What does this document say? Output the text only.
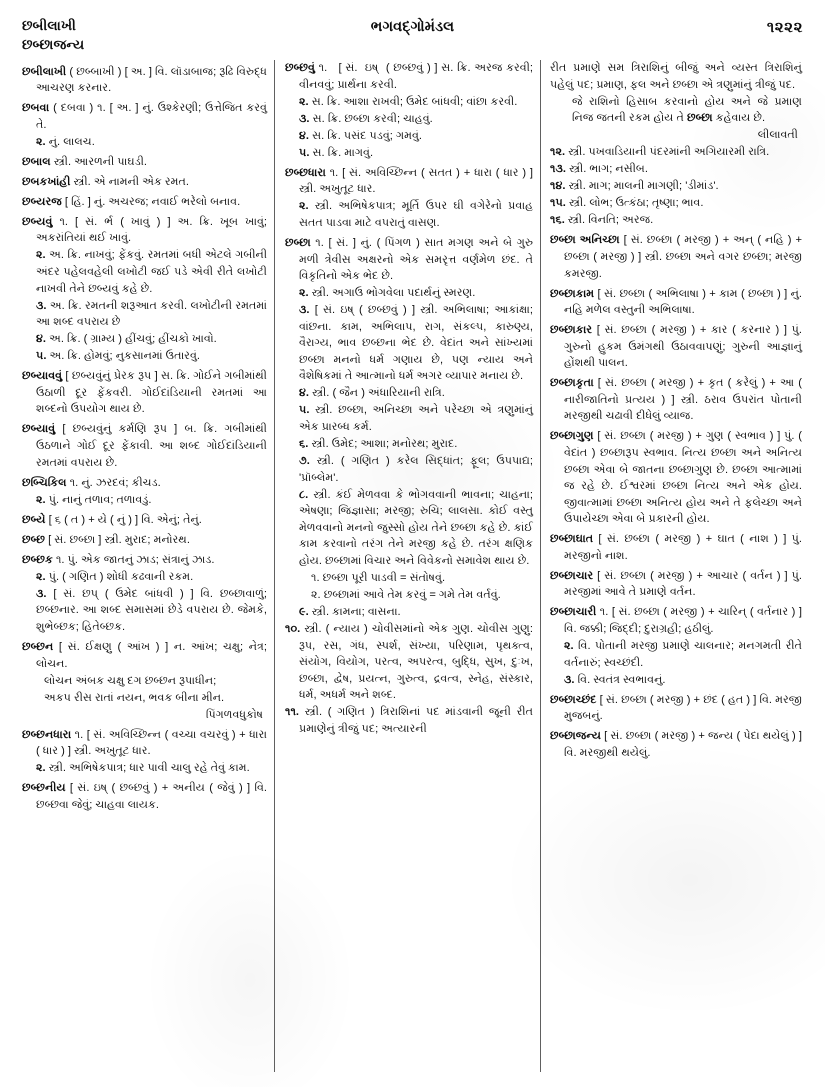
છબીલાખી
છબ્છાજન્ય
ભગવદ્ગોમંડલ	૧૨૨૨

છબીલાખી ( છબ્બાખી ) [ અ. ] વિ. લૉડાબાજ; રૂઢિ વિરુદ્ધ આચરણ કરનાર.

છબવા ( દબવા ) ૧. [ અ. ] નું. ઉશ્કેરણી; ઉત્તેજિત કરવું તે.

૨. નું. લાલચ.

છબાલ સ્ત્રી. આરળની પાઘડી.

છબકખાંહી સ્ત્રી. એ નામની એક રમત.

છબ્યરજ [ હિં. ] નું. અચરજ; નવાઈ ભરેલો બનાવ.

છબ્યવું ૧. [ સં. ર્ભ ( ખાવું ) ] અ. ક્રિ. ખૂબ ખાવું; અકરાંતિયાં થઈ ખાવું.

૨. અ. ક્રિ. નાખવું; ફેંકવું. રમતમાં બધી એટલે ગબીની અંદર પહેલવહેલી લખોટી જઈ પડે એવી રીતે લખોટી નાખવી તેને છબ્યવું કહે છે.

૩. અ. ક્રિ. રમતની શરૂઆત કરવી. લખોટીની રમતમાં આ શબ્દ વપરાય છે

૪. અ. ક્રિ. ( ગ્રામ્ય ) હીંચવું; હીંચકો ખાવો.

૫. અ. ક્રિ. હોમવું; નુકસાનમાં ઉતારવું.

છબ્યાવવું [ છબ્યવુંનું પ્રેરક રૂપ ] સ. ક્રિ. ગોઈને ગબીમાંથી ઉઠાળી દૂર ફેંકવરી. ગોઈદાંડિયાની રમતમાં આ શબ્દનો ઉપયોગ થાય છે.

છબ્યાવું [ છબ્યવુંનું કર્મણિ રૂપ ] બ. ક્રિ. ગબીમાંથી ઉઠળાને ગોઈ દૂર ફેંકાવી. આ શબ્દ ગોઈદાંડિયાની રમતમાં વપરાય છે.

છબ્ચિકિલ ૧. નું. ઝરદવં; કીચડ.

૨. પું. નાનું તળાવ; તળાવડું.

છબ્યે [ ૬ ( ત ) + યે ( નું ) ] વિ. એનું; તેનું.

છબ્છ [ સં. છબ્છા ] સ્ત્રી. મુરાદ; મનોરથ.

છબ્છક ૧. પું. એક જાતનું ઝાડ; સંત્રાનું ઝાડ.

૨. પું. ( ગણિત ) શોધી કઢવાની રકમ.

૩. [ સં. છપ્ ( ઉમેદ બાંધવી ) ] વિ. છબ્છાવાળું; છબ્છનાર. આ શબ્દ સમાસમાં છેડે વપરાય છે. જેમકે, શુભેબ્છક; હિતેબ્છક.

છબ્છન [ સં. ઈક્ષણુ ( આંખ ) ] ન. આંખ; ચક્ષુ; નેત્ર; લોચન.

લોચન અંબક ચક્ષુ દગ છબ્છન રૂપાધીન;

અકપ રીસ રાતાં નયન, ભવક બીના મીન.

પિંગળવધુકોષ

છબ્છનધારા ૧. [ સં. અવિચ્છિન્ન ( વચ્ચા વચરવું ) + ધારા ( ધાર ) ] સ્ત્રી. અખુતૂટ ધાર.

૨. સ્ત્રી. અભિષેકપાત્ર; ધાર પાવી ચાલુ રહે તેવું કામ.

છબ્છનીય [ સં. ઇષ્ ( છબ્છવું ) + અનીય ( જેવું ) ] વિ. છબ્છવા જેવું; ચાહવા લાયક.

છબ્છવું ૧.   [ સં.  ઇષ્  ( છબ્છવું ) ] સ. ક્રિ. અરજ કરવી; વીનવવું; પ્રાર્થના કરવી.

૨. સ. ક્રિ. આશા રાખવી; ઉમેદ બાંધવી; વાંછા કરવી.

૩. સ. ક્રિ. છબ્છા કરવી; ચાહવું.

૪. સ. ક્રિ. પસંદ પડવું; ગમવું.

૫. સ. ક્રિ. માગવું.

છબ્છધારા ૧. [ સં. અવિચ્છિન્ન ( સતત ) + ધારા ( ધાર ) ] સ્ત્રી. અખુતૂટ ધાર.

૨. સ્ત્રી. અભિષેકપાત્ર; મૂર્તિ ઉપર ઘી વગેરેનો પ્રવાહ સતત પાડવા માટે વપરાતું વાસણ.

છબ્છા ૧. [ સં. ] નું. ( પિંગળ ) સાત મગણ અને બે ગુરુ મળી ત્રેવીસ અક્ષરનો એક સમરૃત્ત વર્ણમેળ છંદ. તે વિકૃતિનો એક ભેદ છે.

૨. સ્ત્રી. અગાઉ ભોગવેલા પદાર્થનું સ્મરણ.

૩. [ સં. ઇષ્ ( છબ્છવું ) ] સ્ત્રી. અભિલાષા; આકાંક્ષા; વાંછના. કામ, અભિલાપ, રાગ, સંકલ્પ, કારુણ્ય, વૈરાગ્ય, ભાવ છબ્છના ભેદ છે. વેદાંત અને સાંખ્યમાં છબ્છા મનનો ધર્મ ગણાય છે, પણ ન્યાય અને વૈશેષિકમાં તે આત્માનો ધર્મ અગર વ્યાપાર મનાય છે.

૪. સ્ત્રી. ( જૈન ) અંધારિયાની રાત્રિ.

૫. સ્ત્રી. છબ્છા, અનિચ્છા અને પરેચ્છા એ ત્રણુમાંનું એક પ્રારબ્ધ કર્મ.

૬. સ્ત્રી. ઉમેદ; આશા; મનોરથ; મુરાદ.

૭. સ્ત્રી. ( ગણિત ) કરેલ સિદ્ધાંત; ફૂલ; ઉપપાદ્ય; 'પ્રૉબ્લેમ'.

૮. સ્ત્રી. કંઈ મેળવવા કે ભોગવવાની ભાવના; ચાહના; એષણા; જિજ્ઞાસા; મરજી; રુચિ; લાલસા. કોઈ વસ્તુ મેળવવાનો મનનો જુસ્સો હોય તેને છબ્છા કહે છે. કાંઈ કામ કરવાનો તરંગ તેને મરજી કહે છે. તરંગ ક્ષણિક હોય. છબ્છામાં વિચાર અને વિવેકનો સમાવેશ થાય છે.

૧. છબ્છા પૂરી પાડવી = સંતોષવું.

૨. છબ્છામાં આવે તેમ કરવું = ગમે તેમ વર્તવું.

૯. સ્ત્રી. કામના; વાસના.

૧૦. સ્ત્રી. ( ન્યાય ) ચોવીસમાંનો એક ગુણ. ચોવીસ ગુણુ: રૂપ, રસ, ગંધ, સ્પર્શ, સંખ્યા, પરિણામ, પૃથક્ત્વ, સંયોગ, વિયોગ, પરત્વ, અપરત્વ, બુદ્ધિ, સુખ, દુઃખ, છબ્છા, દ્વેષ, પ્રયત્ન, ગુરુત્વ, દ્રવત્વ, સ્નેહ, સંસ્કાર, ધર્મ, અધર્મ અને શબ્દ.

૧૧. સ્ત્રી. ( ગણિત ) ત્રિરાશિનાં પદ માંડવાની જૂની રીત પ્રમાણેનું ત્રીજું પદ; અત્યારની

રીત પ્રમાણે સમ ત્રિરાશિનું બીજું અને વ્યસ્ત ત્રિરાશિનું પહેલું પદ; પ્રમાણ, ફલ અને છબ્છા એ ત્રણુમાંનું ત્રીજું પદ.

જે રાશિનો હિસાબ કરવાનો હોય અને જે પ્રમાણ નિજ જતની રકમ હોય તે છબ્છા કહેવાય છે.

લીલાવતી

૧૨. સ્ત્રી. પખવાડિયાની પંદરમાંની અગિયારમી રાત્રિ.

૧૩. સ્ત્રી. ભાગ; નસીબ.

૧૪. સ્ત્રી. માગ; માલની માગણી; 'ડીમાંડ'.

૧૫. સ્ત્રી. લોભ; ઉત્કંઠા; તૃષ્ણા; ભાવ.

૧૬. સ્ત્રી. વિનતિ; અરજ.

છબ્છા અનિચ્છા [ સં. છબ્છા ( મરજી ) + અન્ ( નહિ ) + છબ્છા ( મરજી ) ] સ્ત્રી. છબ્છા અને વગર છબ્છા; મરજી કમરજી.

છબ્છાકામ [ સં. છબ્છા ( અભિલાષા ) + કામ ( છબ્છા ) ] નું. નહિ મળેલ વસ્તુની અભિલાષા.

છબ્છાકાર [ સં. છબ્છા ( મરજી ) + કાર ( કરનાર ) ] પું. ગુરુનો હુકમ ઉમંગથી ઉઠાવવાપણું; ગુરુની આજ્ઞાનું હોંશથી પાલન.

છબ્છાકૃતા [ સં. છબ્છા ( મરજી ) + કૃત ( કરેલું ) + આ ( નારીજાતિનો પ્રત્યય ) ] સ્ત્રી. ઠરાવ ઉપરાંત પોતાની મરજીથી ચઢાવી દીધેલું વ્યાજ.

છબ્છાગુણ [ સં. છબ્છા ( મરજી ) + ગુણ ( સ્વભાવ ) ] પું. ( વેદાંત ) છબ્છારૂપ સ્વભાવ. નિત્ય છબ્છા અને અનિત્ય છબ્છા એવા બે જાતના છબ્છાગુણ છે. છબ્છા આત્મામાં જ રહે છે. ઈશ્વરમાં છબ્છા નિત્ય અને એક હોય. જીવાત્મામાં છબ્છા અનિત્ય હોય અને તે ફલેચ્છા અને ઉપાયેચ્છા એવા બે પ્રકારની હોય.

છબ્છાઘાત [ સં. છબ્છા ( મરજી ) + ઘાત ( નાશ ) ] પું. મરજીનો નાશ.

છબ્છાચાર [ સં. છબ્છા ( મરજી ) + આચાર ( વર્તન ) ] પું. મરજીમાં આવે તે પ્રમાણે વર્તન.

છબ્છાચારી ૧. [ સં. છબ્છા ( મરજી ) + ચારિન્ ( વર્તનાર ) ] વિ. જક્કી; જિદ્દી; દુરાગ્રહી; હઠીલું.

૨. વિ. પોતાની મરજી પ્રમાણે ચાલનાર; મનગમતી રીતે વર્તનારું; સ્વચ્છંદી.

૩. વિ. સ્વતંત્ર સ્વભાવનું.

છબ્છાચ્છંદ [ સં. છબ્છા ( મરજી ) + છંદ ( હત ) ] વિ. મરજી મુજબનું.

છબ્છાજન્ય [ સં. છબ્છા ( મરજી ) + જન્ય ( પેદા થયેલું ) ] વિ. મરજીથી થયેલું.
